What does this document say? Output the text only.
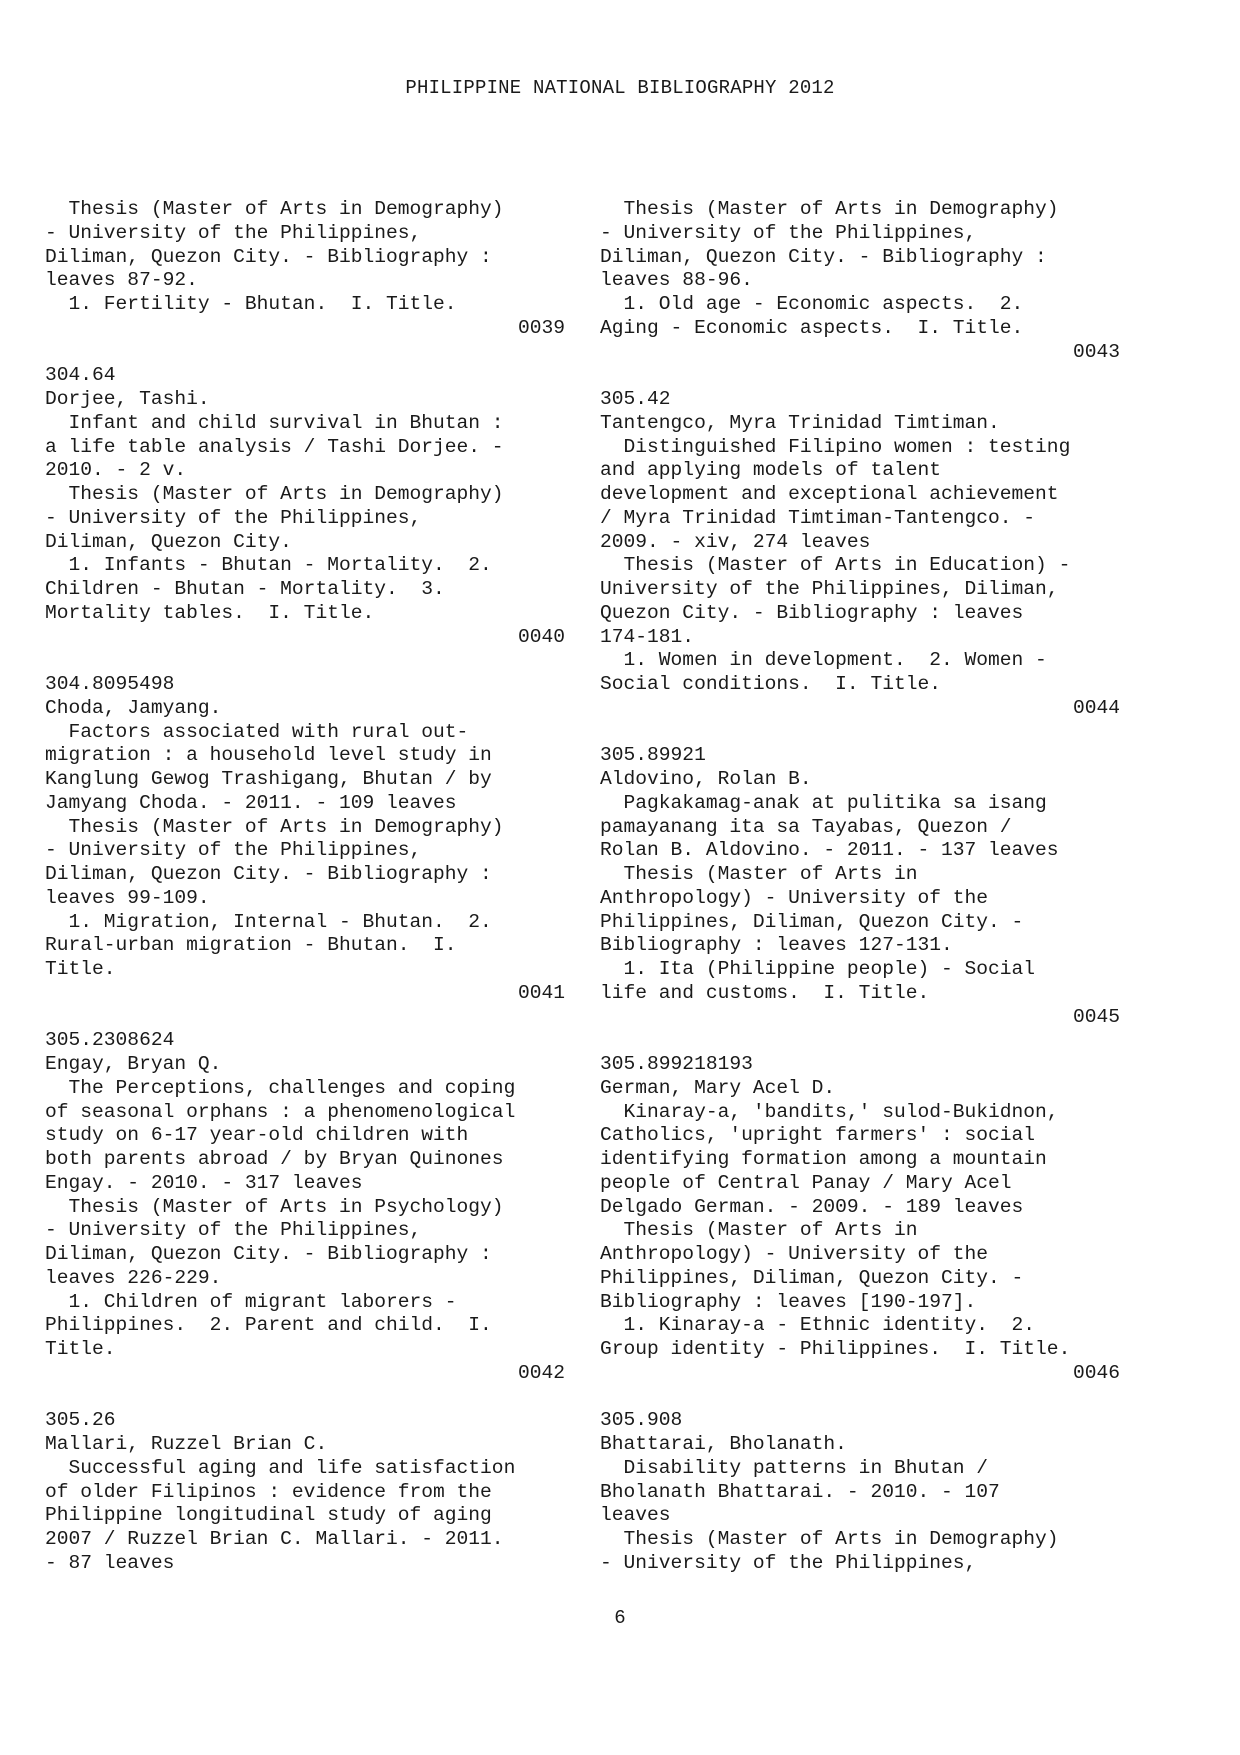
PHILIPPINE NATIONAL BIBLIOGRAPHY 2012
Thesis (Master of Arts in Demography)
- University of the Philippines,
Diliman, Quezon City. - Bibliography :
leaves 87-92.
1. Fertility - Bhutan.  I. Title.
0039
304.64
Dorjee, Tashi.
Infant and child survival in Bhutan :
a life table analysis / Tashi Dorjee. -
2010. - 2 v.
Thesis (Master of Arts in Demography)
- University of the Philippines,
Diliman, Quezon City.
1. Infants - Bhutan - Mortality.  2.
Children - Bhutan - Mortality.  3.
Mortality tables.  I. Title.
0040
304.8095498
Choda, Jamyang.
Factors associated with rural out-
migration : a household level study in
Kanglung Gewog Trashigang, Bhutan / by
Jamyang Choda. - 2011. - 109 leaves
Thesis (Master of Arts in Demography)
- University of the Philippines,
Diliman, Quezon City. - Bibliography :
leaves 99-109.
1. Migration, Internal - Bhutan.  2.
Rural-urban migration - Bhutan.  I.
Title.
0041
305.2308624
Engay, Bryan Q.
The Perceptions, challenges and coping
of seasonal orphans : a phenomenological
study on 6-17 year-old children with
both parents abroad / by Bryan Quinones
Engay. - 2010. - 317 leaves
Thesis (Master of Arts in Psychology)
- University of the Philippines,
Diliman, Quezon City. - Bibliography :
leaves 226-229.
1. Children of migrant laborers -
Philippines.  2. Parent and child.  I.
Title.
0042
305.26
Mallari, Ruzzel Brian C.
Successful aging and life satisfaction
of older Filipinos : evidence from the
Philippine longitudinal study of aging
2007 / Ruzzel Brian C. Mallari. - 2011.
- 87 leaves
Thesis (Master of Arts in Demography)
- University of the Philippines,
Diliman, Quezon City. - Bibliography :
leaves 88-96.
1. Old age - Economic aspects.  2.
Aging - Economic aspects.  I. Title.
0043
305.42
Tantengco, Myra Trinidad Timtiman.
Distinguished Filipino women : testing
and applying models of talent
development and exceptional achievement
/ Myra Trinidad Timtiman-Tantengco. -
2009. - xiv, 274 leaves
Thesis (Master of Arts in Education) -
University of the Philippines, Diliman,
Quezon City. - Bibliography : leaves
174-181.
1. Women in development.  2. Women -
Social conditions.  I. Title.
0044
305.89921
Aldovino, Rolan B.
Pagkakamag-anak at pulitika sa isang
pamayanang ita sa Tayabas, Quezon /
Rolan B. Aldovino. - 2011. - 137 leaves
Thesis (Master of Arts in
Anthropology) - University of the
Philippines, Diliman, Quezon City. -
Bibliography : leaves 127-131.
1. Ita (Philippine people) - Social
life and customs.  I. Title.
0045
305.899218193
German, Mary Acel D.
Kinaray-a, 'bandits,' sulod-Bukidnon,
Catholics, 'upright farmers' : social
identifying formation among a mountain
people of Central Panay / Mary Acel
Delgado German. - 2009. - 189 leaves
Thesis (Master of Arts in
Anthropology) - University of the
Philippines, Diliman, Quezon City. -
Bibliography : leaves [190-197].
1. Kinaray-a - Ethnic identity.  2.
Group identity - Philippines.  I. Title.
0046
305.908
Bhattarai, Bholanath.
Disability patterns in Bhutan /
Bholanath Bhattarai. - 2010. - 107
leaves
Thesis (Master of Arts in Demography)
- University of the Philippines,
6
